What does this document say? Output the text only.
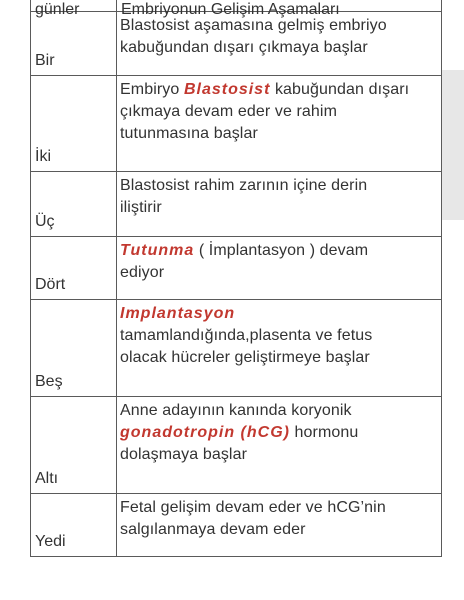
günler	Embriyonun Gelişim Aşamaları

Bir	Blastosist aşamasına gelmiş embriyo
kabuğundan dışarı çıkmaya başlar

İki	Embiryo Blastosist kabuğundan dışarı
çıkmaya devam eder ve rahim
tutunmasına başlar

Üç	Blastosist rahim zarının içine derin
iliştirir

Dört	Tutunma ( İmplantasyon ) devam
ediyor

Beş	Implantasyon
tamamlandığında,plasenta ve fetus
olacak hücreler geliştirmeye başlar

Altı	Anne adayının kanında koryonik
gonadotropin (hCG) hormonu
dolaşmaya başlar

Yedi	Fetal gelişim devam eder ve hCG’nin
salgılanmaya devam eder
